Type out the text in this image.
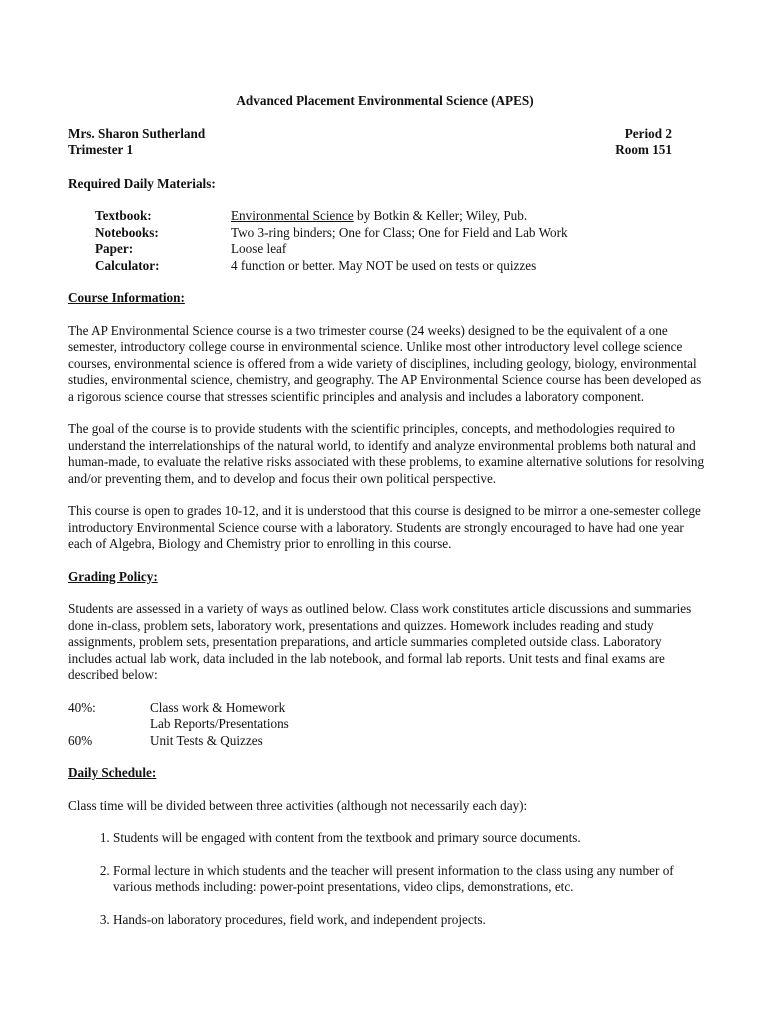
Advanced Placement Environmental Science (APES)
Mrs. Sharon Sutherland	Period 2
Trimester 1	Room 151
Required Daily Materials:
Textbook:	Environmental Science by Botkin & Keller; Wiley, Pub.
Notebooks:	Two 3-ring binders; One for Class; One for Field and Lab Work
Paper:	Loose leaf
Calculator:	4 function or better. May NOT be used on tests or quizzes
Course Information:

The AP Environmental Science course is a two trimester course (24 weeks) designed to be the equivalent of a one semester, introductory college course in environmental science. Unlike most other introductory level college science courses, environmental science is offered from a wide variety of disciplines, including geology, biology, environmental studies, environmental science, chemistry, and geography. The AP Environmental Science course has been developed as a rigorous science course that stresses scientific principles and analysis and includes a laboratory component.

The goal of the course is to provide students with the scientific principles, concepts, and methodologies required to understand the interrelationships of the natural world, to identify and analyze environmental problems both natural and human-made, to evaluate the relative risks associated with these problems, to examine alternative solutions for resolving and/or preventing them, and to develop and focus their own political perspective.

This course is open to grades 10-12, and it is understood that this course is designed to be mirror a one-semester college introductory Environmental Science course with a laboratory. Students are strongly encouraged to have had one year each of Algebra, Biology and Chemistry prior to enrolling in this course.

Grading Policy:

Students are assessed in a variety of ways as outlined below. Class work constitutes article discussions and summaries done in-class, problem sets, laboratory work, presentations and quizzes. Homework includes reading and study assignments, problem sets, presentation preparations, and article summaries completed outside class. Laboratory includes actual lab work, data included in the lab notebook, and formal lab reports. Unit tests and final exams are described below:

40%:	Class work & Homework
Lab Reports/Presentations
60%	Unit Tests & Quizzes
Daily Schedule:

Class time will be divided between three activities (although not necessarily each day):

1. Students will be engaged with content from the textbook and primary source documents.
2. Formal lecture in which students and the teacher will present information to the class using any number of various methods including: power-point presentations, video clips, demonstrations, etc.
3. Hands-on laboratory procedures, field work, and independent projects.
